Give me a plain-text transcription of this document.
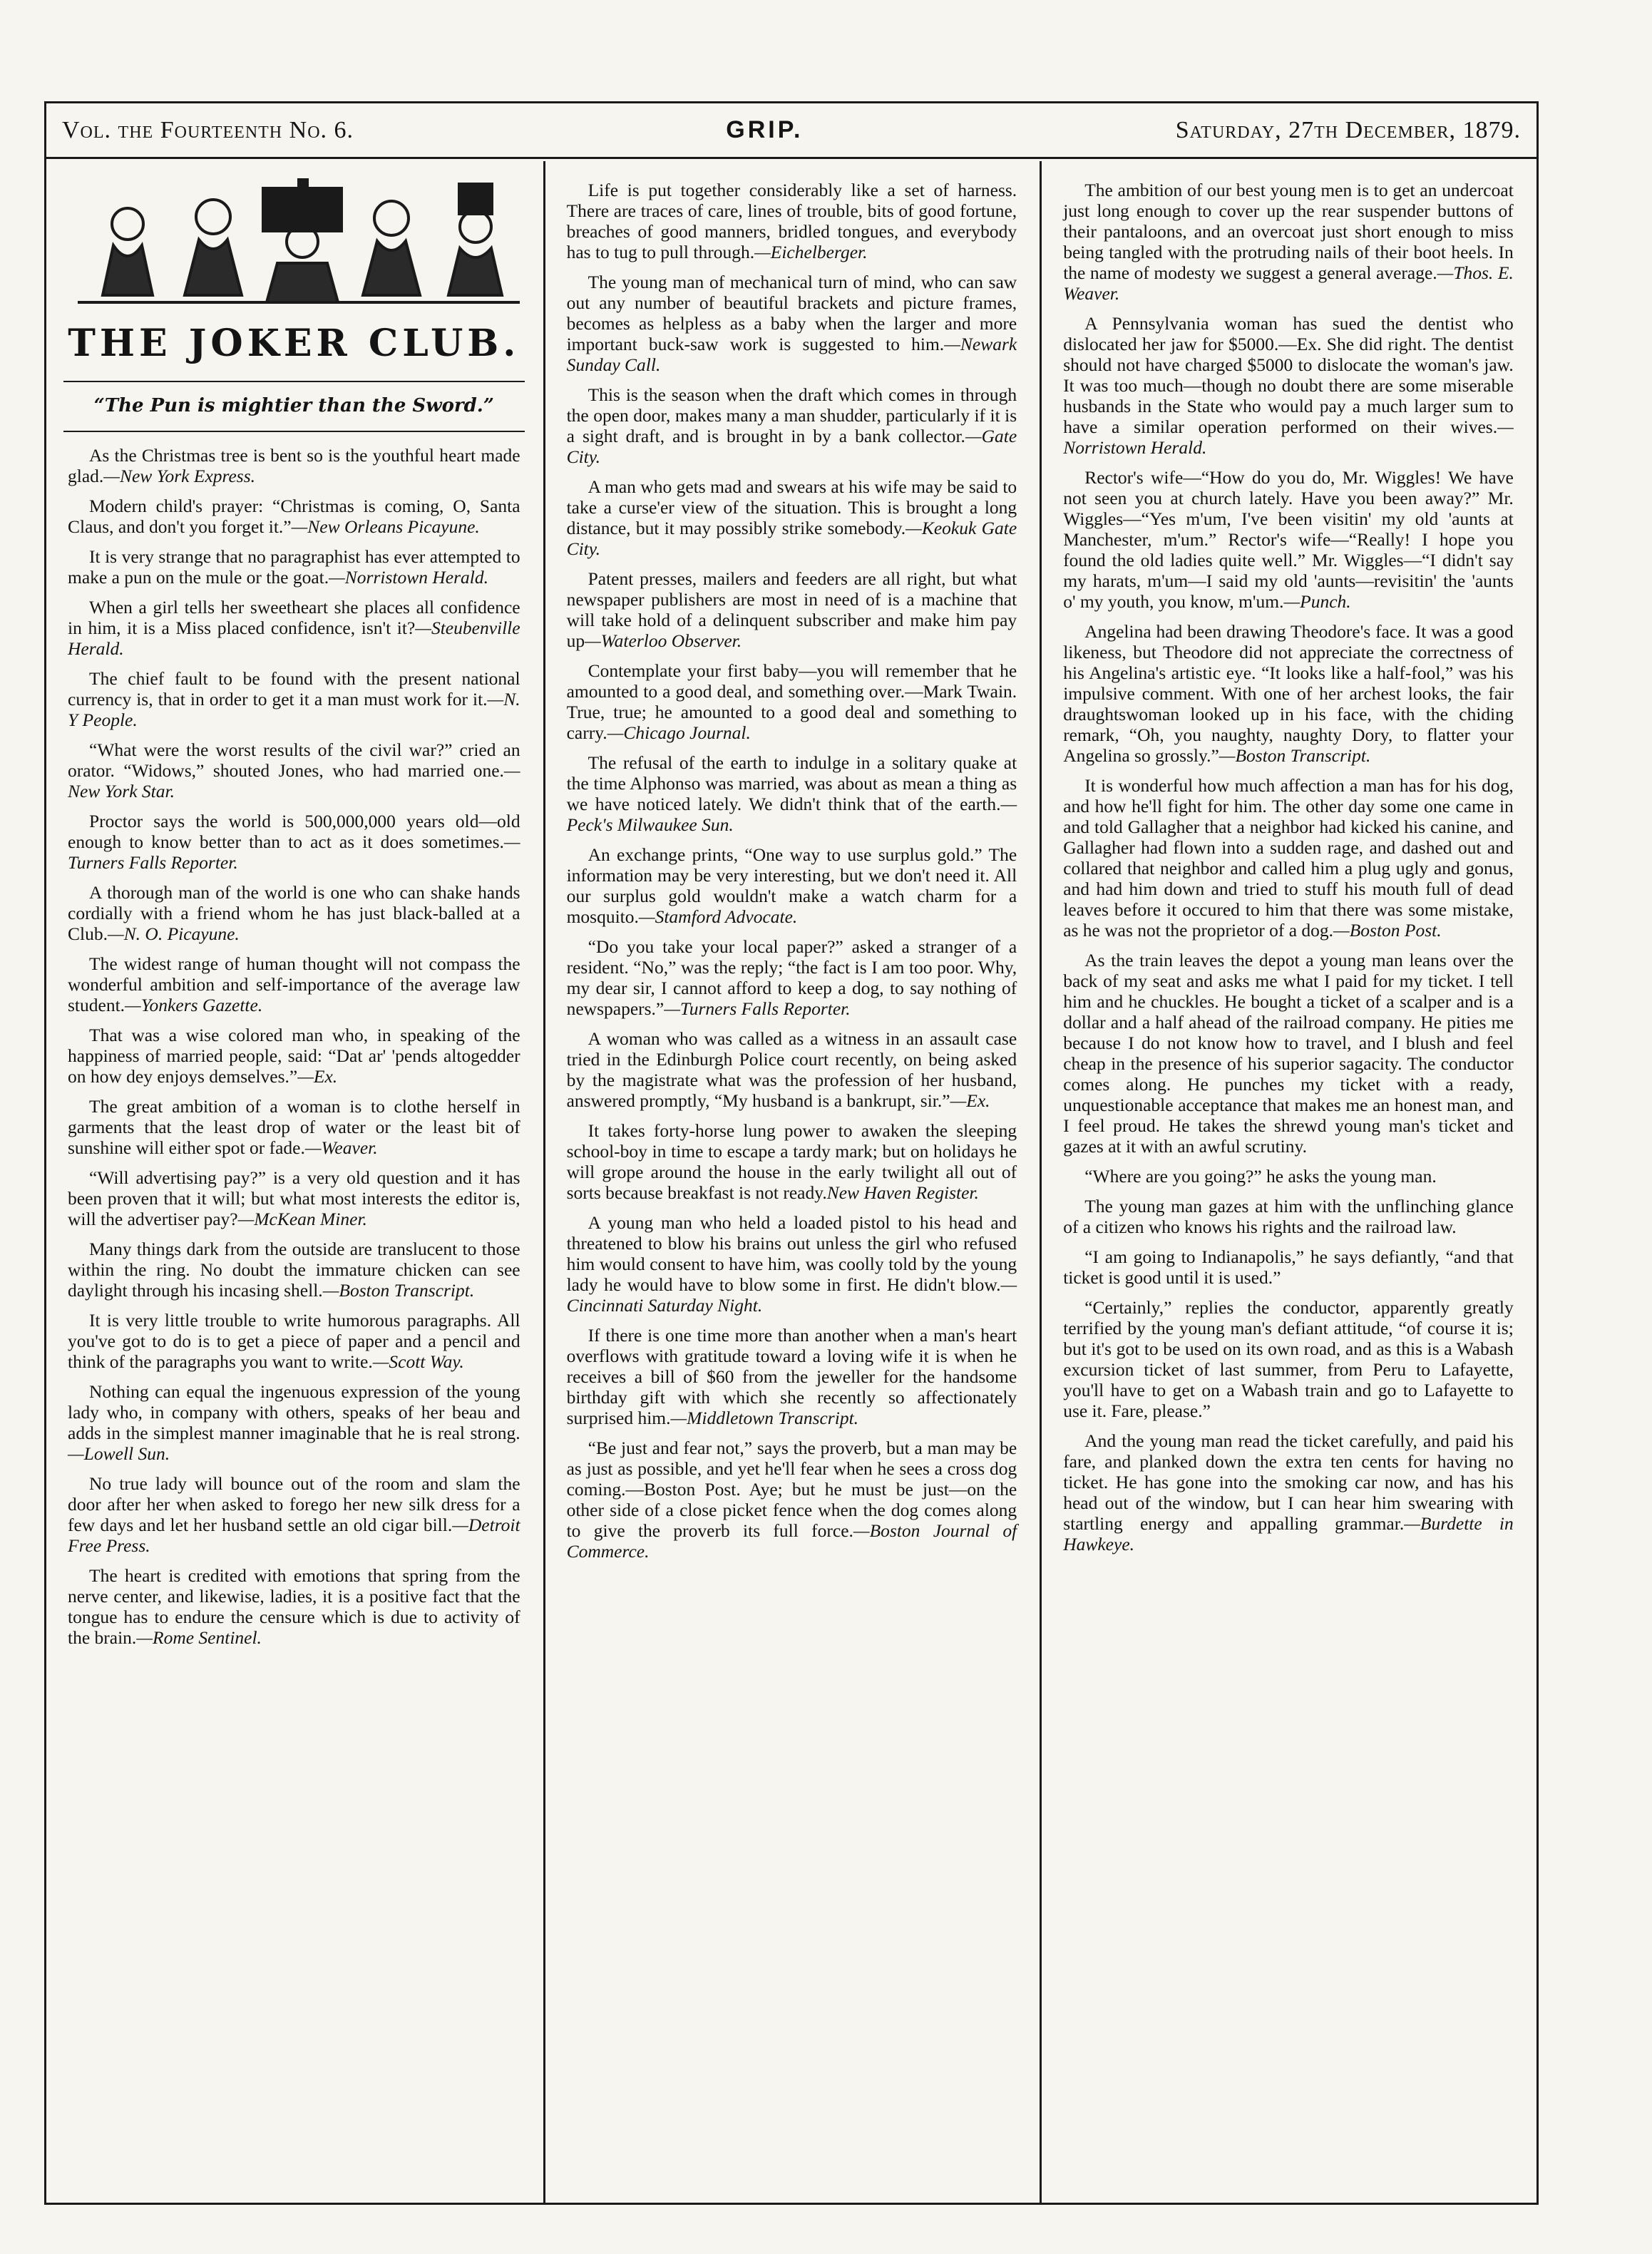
Vol. the Fourteenth No. 6.	GRIP.	Saturday, 27th December, 1879.
THE JOKER CLUB.
“The Pun is mightier than the Sword.”

As the Christmas tree is bent so is the youthful heart made glad.—New York Express.

Modern child's prayer: “Christmas is coming, O, Santa Claus, and don't you forget it.”—New Orleans Picayune.

It is very strange that no paragraphist has ever attempted to make a pun on the mule or the goat.—Norristown Herald.

When a girl tells her sweetheart she places all confidence in him, it is a Miss placed confidence, isn't it?—Steubenville Herald.

The chief fault to be found with the present national currency is, that in order to get it a man must work for it.—N. Y People.

“What were the worst results of the civil war?” cried an orator. “Widows,” shouted Jones, who had married one.—New York Star.

Proctor says the world is 500,000,000 years old—old enough to know better than to act as it does sometimes.—Turners Falls Reporter.

A thorough man of the world is one who can shake hands cordially with a friend whom he has just black-balled at a Club.—N. O. Picayune.

The widest range of human thought will not compass the wonderful ambition and self-importance of the average law student.—Yonkers Gazette.

That was a wise colored man who, in speaking of the happiness of married people, said: “Dat ar' 'pends altogedder on how dey enjoys demselves.”—Ex.

The great ambition of a woman is to clothe herself in garments that the least drop of water or the least bit of sunshine will either spot or fade.—Weaver.

“Will advertising pay?” is a very old question and it has been proven that it will; but what most interests the editor is, will the advertiser pay?—McKean Miner.

Many things dark from the outside are translucent to those within the ring. No doubt the immature chicken can see daylight through his incasing shell.—Boston Transcript.

It is very little trouble to write humorous paragraphs. All you've got to do is to get a piece of paper and a pencil and think of the paragraphs you want to write.—Scott Way.

Nothing can equal the ingenuous expression of the young lady who, in company with others, speaks of her beau and adds in the simplest manner imaginable that he is real strong.—Lowell Sun.

No true lady will bounce out of the room and slam the door after her when asked to forego her new silk dress for a few days and let her husband settle an old cigar bill.—Detroit Free Press.

The heart is credited with emotions that spring from the nerve center, and likewise, ladies, it is a positive fact that the tongue has to endure the censure which is due to activity of the brain.—Rome Sentinel.

Life is put together considerably like a set of harness. There are traces of care, lines of trouble, bits of good fortune, breaches of good manners, bridled tongues, and everybody has to tug to pull through.—Eichelberger.

The young man of mechanical turn of mind, who can saw out any number of beautiful brackets and picture frames, becomes as helpless as a baby when the larger and more important buck-saw work is suggested to him.—Newark Sunday Call.

This is the season when the draft which comes in through the open door, makes many a man shudder, particularly if it is a sight draft, and is brought in by a bank collector.—Gate City.

A man who gets mad and swears at his wife may be said to take a curse'er view of the situation. This is brought a long distance, but it may possibly strike somebody.—Keokuk Gate City.

Patent presses, mailers and feeders are all right, but what newspaper publishers are most in need of is a machine that will take hold of a delinquent subscriber and make him pay up—Waterloo Observer.

Contemplate your first baby—you will remember that he amounted to a good deal, and something over.—Mark Twain. True, true; he amounted to a good deal and something to carry.—Chicago Journal.

The refusal of the earth to indulge in a solitary quake at the time Alphonso was married, was about as mean a thing as we have noticed lately. We didn't think that of the earth.—Peck's Milwaukee Sun.

An exchange prints, “One way to use surplus gold.” The information may be very interesting, but we don't need it. All our surplus gold wouldn't make a watch charm for a mosquito.—Stamford Advocate.

“Do you take your local paper?” asked a stranger of a resident. “No,” was the reply; “the fact is I am too poor. Why, my dear sir, I cannot afford to keep a dog, to say nothing of newspapers.”—Turners Falls Reporter.

A woman who was called as a witness in an assault case tried in the Edinburgh Police court recently, on being asked by the magistrate what was the profession of her husband, answered promptly, “My husband is a bankrupt, sir.”—Ex.

It takes forty-horse lung power to awaken the sleeping school-boy in time to escape a tardy mark; but on holidays he will grope around the house in the early twilight all out of sorts because breakfast is not ready.New Haven Register.

A young man who held a loaded pistol to his head and threatened to blow his brains out unless the girl who refused him would consent to have him, was coolly told by the young lady he would have to blow some in first. He didn't blow.—Cincinnati Saturday Night.

If there is one time more than another when a man's heart overflows with gratitude toward a loving wife it is when he receives a bill of $60 from the jeweller for the handsome birthday gift with which she recently so affectionately surprised him.—Middletown Transcript.

“Be just and fear not,” says the proverb, but a man may be as just as possible, and yet he'll fear when he sees a cross dog coming.—Boston Post. Aye; but he must be just—on the other side of a close picket fence when the dog comes along to give the proverb its full force.—Boston Journal of Commerce.

The ambition of our best young men is to get an undercoat just long enough to cover up the rear suspender buttons of their pantaloons, and an overcoat just short enough to miss being tangled with the protruding nails of their boot heels. In the name of modesty we suggest a general average.—Thos. E. Weaver.

A Pennsylvania woman has sued the dentist who dislocated her jaw for $5000.—Ex. She did right. The dentist should not have charged $5000 to dislocate the woman's jaw. It was too much—though no doubt there are some miserable husbands in the State who would pay a much larger sum to have a similar operation performed on their wives.—Norristown Herald.

Rector's wife—“How do you do, Mr. Wiggles! We have not seen you at church lately. Have you been away?” Mr. Wiggles—“Yes m'um, I've been visitin' my old 'aunts at Manchester, m'um.” Rector's wife—“Really! I hope you found the old ladies quite well.” Mr. Wiggles—“I didn't say my harats, m'um—I said my old 'aunts—revisitin' the 'aunts o' my youth, you know, m'um.—Punch.

Angelina had been drawing Theodore's face. It was a good likeness, but Theodore did not appreciate the correctness of his Angelina's artistic eye. “It looks like a half-fool,” was his impulsive comment. With one of her archest looks, the fair draughtswoman looked up in his face, with the chiding remark, “Oh, you naughty, naughty Dory, to flatter your Angelina so grossly.”—Boston Transcript.

It is wonderful how much affection a man has for his dog, and how he'll fight for him. The other day some one came in and told Gallagher that a neighbor had kicked his canine, and Gallagher had flown into a sudden rage, and dashed out and collared that neighbor and called him a plug ugly and gonus, and had him down and tried to stuff his mouth full of dead leaves before it occured to him that there was some mistake, as he was not the proprietor of a dog.—Boston Post.

As the train leaves the depot a young man leans over the back of my seat and asks me what I paid for my ticket. I tell him and he chuckles. He bought a ticket of a scalper and is a dollar and a half ahead of the railroad company. He pities me because I do not know how to travel, and I blush and feel cheap in the presence of his superior sagacity. The conductor comes along. He punches my ticket with a ready, unquestionable acceptance that makes me an honest man, and I feel proud. He takes the shrewd young man's ticket and gazes at it with an awful scrutiny.

“Where are you going?” he asks the young man.

The young man gazes at him with the unflinching glance of a citizen who knows his rights and the railroad law.

“I am going to Indianapolis,” he says defiantly, “and that ticket is good until it is used.”

“Certainly,” replies the conductor, apparently greatly terrified by the young man's defiant attitude, “of course it is; but it's got to be used on its own road, and as this is a Wabash excursion ticket of last summer, from Peru to Lafayette, you'll have to get on a Wabash train and go to Lafayette to use it. Fare, please.”

And the young man read the ticket carefully, and paid his fare, and planked down the extra ten cents for having no ticket. He has gone into the smoking car now, and has his head out of the window, but I can hear him swearing with startling energy and appalling grammar.—Burdette in Hawkeye.
